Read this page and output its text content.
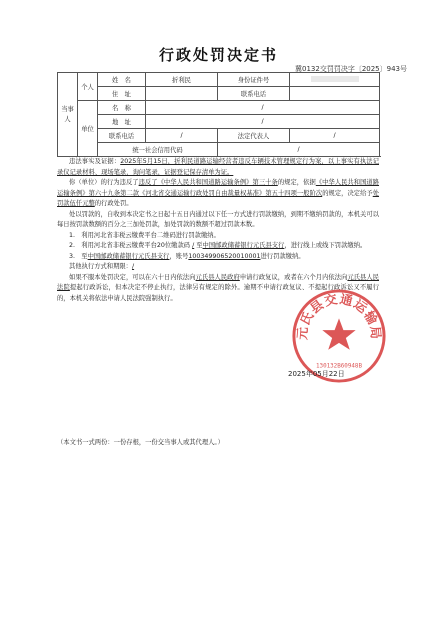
行政处罚决定书
冀0132交罚罚决字〔2025〕943号
当事人	个人	姓　名	折利民	身份证件号	
		住　址		联系电话	
	单位	名　称	/		
		地　址	/		
		联系电话	/	法定代表人	/
		统一社会信用代码		/	

违法事实及证据：2025年5月15日，折利民道路运输经营者违反车辆技术管理规定行为案，以上事实有执法记录仪记录材料、现场笔录，询问笔录，证据登记保存清单为证。

你（单位）的行为违反了违反了《中华人民共和国道路运输条例》第三十条的规定，依据《中华人民共和国道路运输条例》第六十九条第二款《河北省交通运输行政处罚自由裁量权基准》第五十四项一般阶次的规定，决定给予处罚款伍仟元整的行政处罚。

处以罚款的，自收到本决定书之日起十五日内通过以下任一方式进行罚款缴纳，到期不缴纳罚款的，本机关可以每日按罚款数额的百分之三加处罚款，加处罚款的数额不超过罚款本数。

1.　利用河北省非税云缴费平台二维码进行罚款缴纳。

2.　利用河北省非税云缴费平台20位缴款码 / 至中国邮政储蓄银行元氏县支行，进行线上或线下罚款缴纳。

3.　至中国邮政储蓄银行元氏县支行，账号100349906520010001进行罚款缴纳。

其他执行方式和期限：/

如果不服本处罚决定，可以在六十日内依法向元氏县人民政府申请行政复议，或者在六个月内依法向元氏县人民法院提起行政诉讼，但本决定不停止执行，法律另有规定的除外。逾期不申请行政复议、不提起行政诉讼又不履行的，本机关将依法申请人民法院强制执行。

元氏县交通运输局
130132B60948B
2025年05月22日
（本文书一式两份：一份存根，一份交当事人或其代理人。）
